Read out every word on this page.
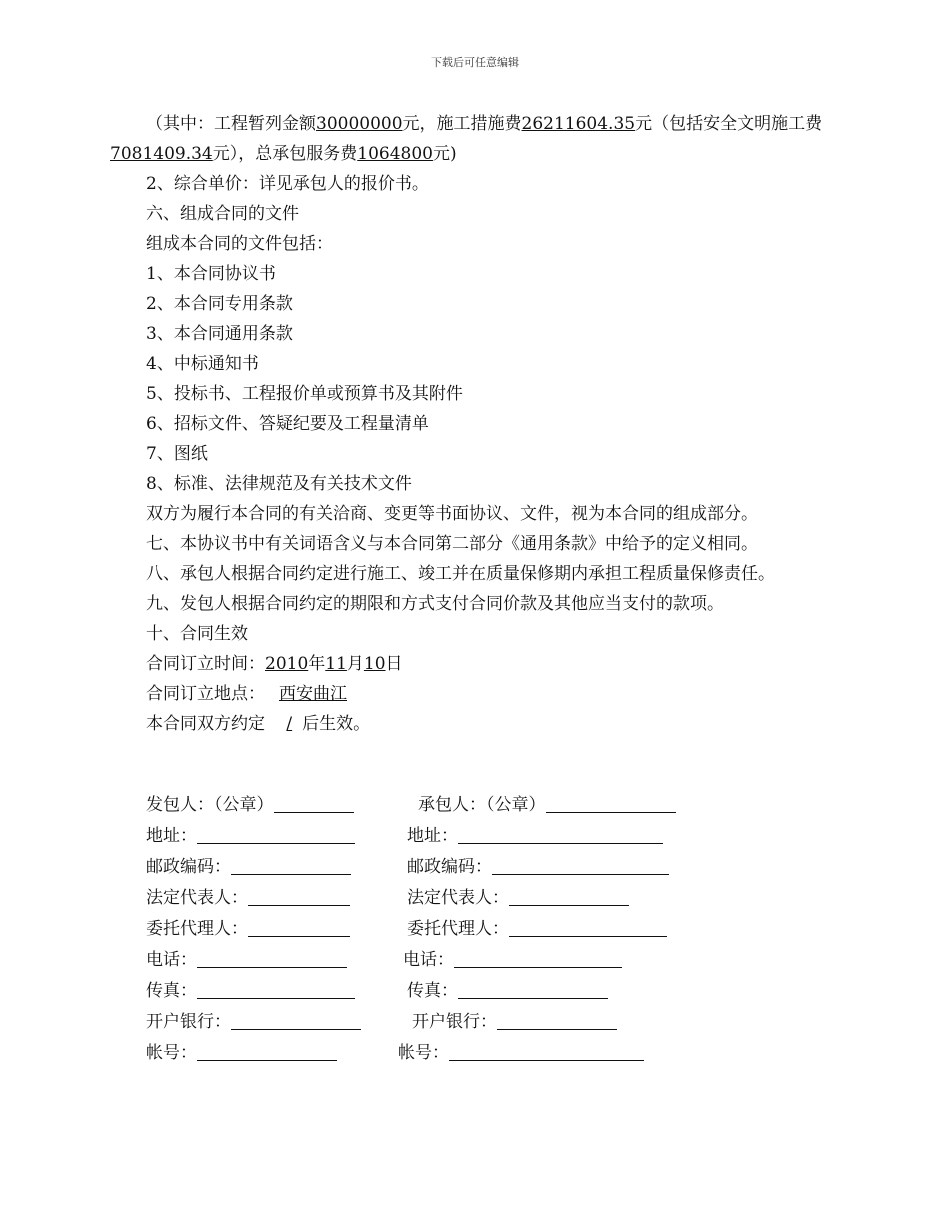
下载后可任意编辑

（其中：工程暂列金额30000000元，施工措施费26211604.35元（包括安全文明施工费7081409.34元），总承包服务费1064800元)

2、综合单价：详见承包人的报价书。

六、组成合同的文件

组成本合同的文件包括：

1、本合同协议书

2、本合同专用条款

3、本合同通用条款

4、中标通知书

5、投标书、工程报价单或预算书及其附件

6、招标文件、答疑纪要及工程量清单

7、图纸

8、标准、法律规范及有关技术文件

双方为履行本合同的有关洽商、变更等书面协议、文件，视为本合同的组成部分。

七、本协议书中有关词语含义与本合同第二部分《通用条款》中给予的定义相同。

八、承包人根据合同约定进行施工、竣工并在质量保修期内承担工程质量保修责任。

九、发包人根据合同约定的期限和方式支付合同价款及其他应当支付的款项。

十、合同生效

合同订立时间：2010年11月10日

合同订立地点： 西安曲江

本合同双方约定 / 后生效。

发包人：（公章）	承包人：（公章）
地址：	地址：
邮政编码：	邮政编码：
法定代表人：	法定代表人：
委托代理人：	委托代理人：
电话：	电话：
传真：	传真：
开户银行：	开户银行：
帐号：	帐号：
